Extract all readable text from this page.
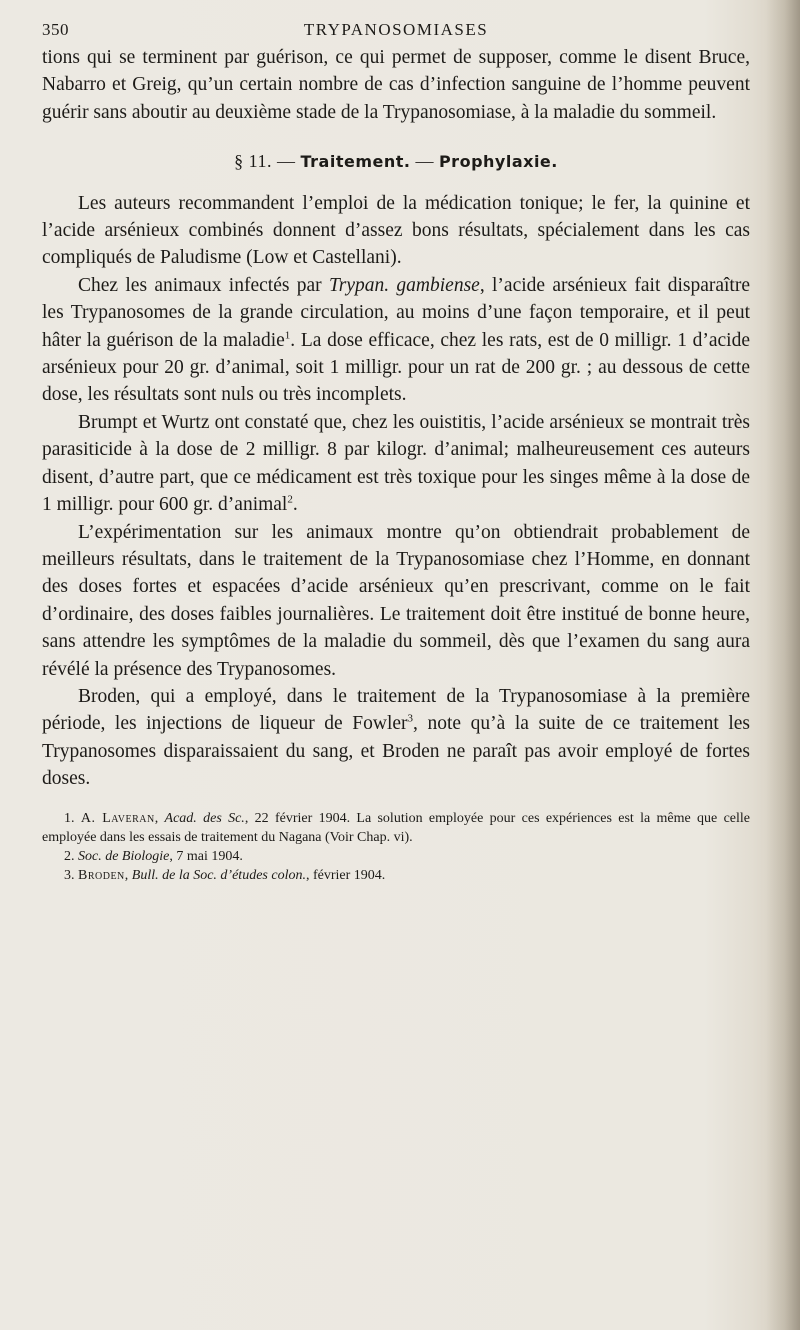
350	TRYPANOSOMIASES

tions qui se terminent par guérison, ce qui permet de supposer, comme le disent Bruce, Nabarro et Greig, qu’un certain nombre de cas d’infection sanguine de l’homme peuvent guérir sans aboutir au deuxième stade de la Trypanosomiase, à la maladie du sommeil.

§ 11. — Traitement. — Prophylaxie.

Les auteurs recommandent l’emploi de la médication tonique; le fer, la quinine et l’acide arsénieux combinés donnent d’assez bons résultats, spécialement dans les cas compliqués de Paludisme (Low et Castellani).

Chez les animaux infectés par Trypan. gambiense, l’acide arsénieux fait disparaître les Trypanosomes de la grande circulation, au moins d’une façon temporaire, et il peut hâter la guérison de la maladie$^1$. La dose efficace, chez les rats, est de 0 milligr. 1 d’acide arsénieux pour 20 gr. d’animal, soit 1 milligr. pour un rat de 200 gr. ; au dessous de cette dose, les résultats sont nuls ou très incomplets.

Brumpt et Wurtz ont constaté que, chez les ouistitis, l’acide arsénieux se montrait très parasiticide à la dose de 2 milligr. 8 par kilogr. d’animal; malheureusement ces auteurs disent, d’autre part, que ce médicament est très toxique pour les singes même à la dose de 1 milligr. pour 600 gr. d’animal$^2$.

L’expérimentation sur les animaux montre qu’on obtiendrait probablement de meilleurs résultats, dans le traitement de la Trypanosomiase chez l’Homme, en donnant des doses fortes et espacées d’acide arsénieux qu’en prescrivant, comme on le fait d’ordinaire, des doses faibles journalières. Le traitement doit être institué de bonne heure, sans attendre les symptômes de la maladie du sommeil, dès que l’examen du sang aura révélé la présence des Trypanosomes.

Broden, qui a employé, dans le traitement de la Trypanosomiase à la première période, les injections de liqueur de Fowler$^3$, note qu’à la suite de ce traitement les Trypanosomes disparaissaient du sang, et Broden ne paraît pas avoir employé de fortes doses.

1. A. Laveran, Acad. des Sc., 22 février 1904. La solution employée pour ces expériences est la même que celle employée dans les essais de traitement du Nagana (Voir Chap. vi).

2. Soc. de Biologie, 7 mai 1904.

3. Broden, Bull. de la Soc. d’études colon., février 1904.
